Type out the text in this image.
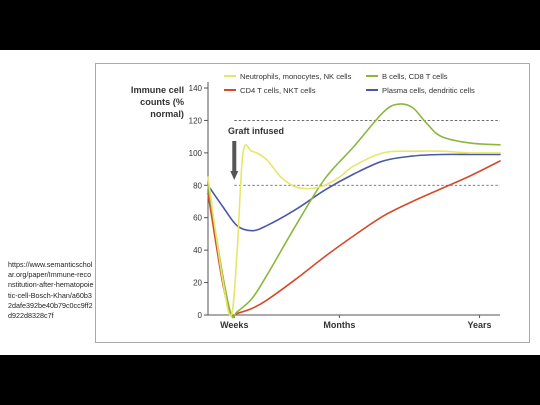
https://www.semanticscholar.org/paper/Immune-reconstitution-after-hematopoietic-cell-Bosch-Khan/a60b32dafe392be40b79c0cc9ff2d922d8328c7f
Immune cell
counts (% normal)
0
20
40
60
80
100
120
140
Weeks	Months	Years
Neutrophils, monocytes, NK cells	B cells, CD8 T cells
CD4 T cells, NKT cells	Plasma cells, dendritic cells
Graft infused
